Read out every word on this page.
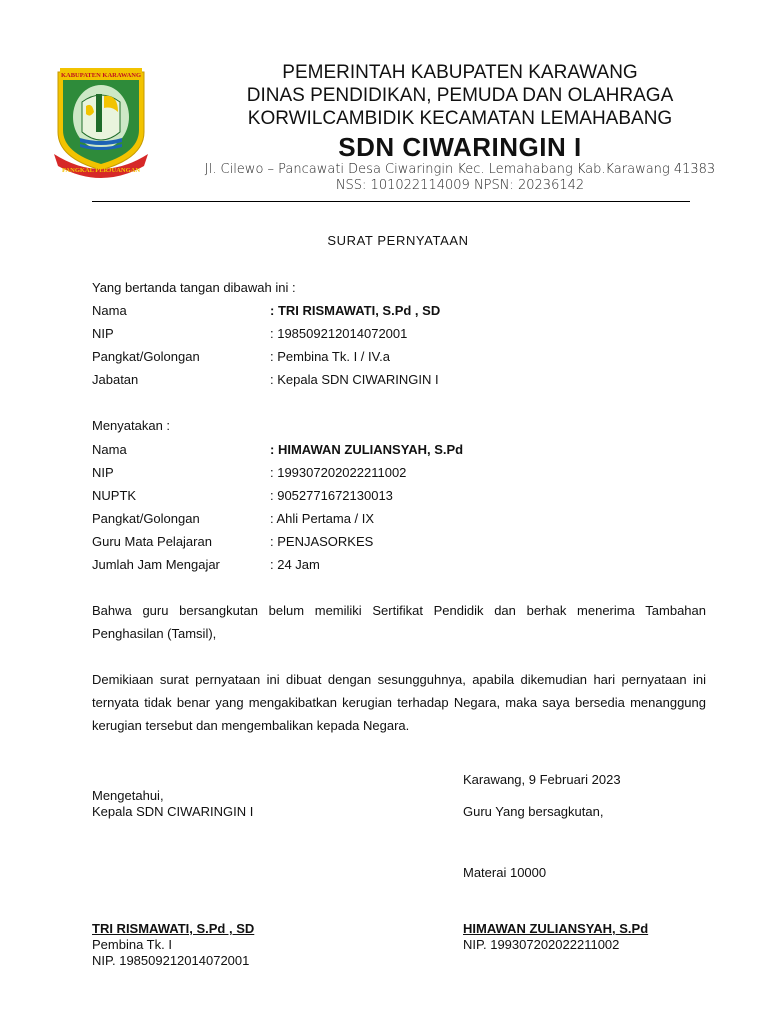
KABUPATEN KARAWANG
PANGKAL PERJUANGAN
PEMERINTAH KABUPATEN KARAWANG
DINAS PENDIDIKAN, PEMUDA DAN OLAHRAGA
KORWILCAMBIDIK KECAMATAN LEMAHABANG
SDN CIWARINGIN I
Jl. Cilewo – Pancawati Desa Ciwaringin Kec. Lemahabang Kab.Karawang 41383
NSS: 101022114009 NPSN: 20236142
SURAT PERNYATAAN
Yang bertanda tangan dibawah ini :
Nama	: TRI RISMAWATI, S.Pd , SD
NIP	: 198509212014072001
Pangkat/Golongan	: Pembina Tk. I / IV.a
Jabatan	: Kepala SDN CIWARINGIN I
Menyatakan :
Nama	: HIMAWAN ZULIANSYAH, S.Pd
NIP	: 199307202022211002
NUPTK	: 9052771672130013
Pangkat/Golongan	: Ahli Pertama / IX
Guru Mata Pelajaran	: PENJASORKES
Jumlah Jam Mengajar	: 24 Jam
Bahwa guru bersangkutan belum memiliki Sertifikat Pendidik dan berhak menerima Tambahan Penghasilan (Tamsil),
Demikiaan surat pernyataan ini dibuat dengan sesungguhnya, apabila dikemudian hari pernyataan ini ternyata tidak benar yang mengakibatkan kerugian terhadap Negara, maka saya bersedia menanggung kerugian tersebut dan mengembalikan kepada Negara.
Karawang, 9 Februari 2023
Mengetahui,
Kepala SDN CIWARINGIN I	Guru Yang bersagkutan,
Materai 10000
TRI RISMAWATI, S.Pd , SD
Pembina Tk. I
NIP. 198509212014072001
HIMAWAN ZULIANSYAH, S.Pd
NIP. 199307202022211002
